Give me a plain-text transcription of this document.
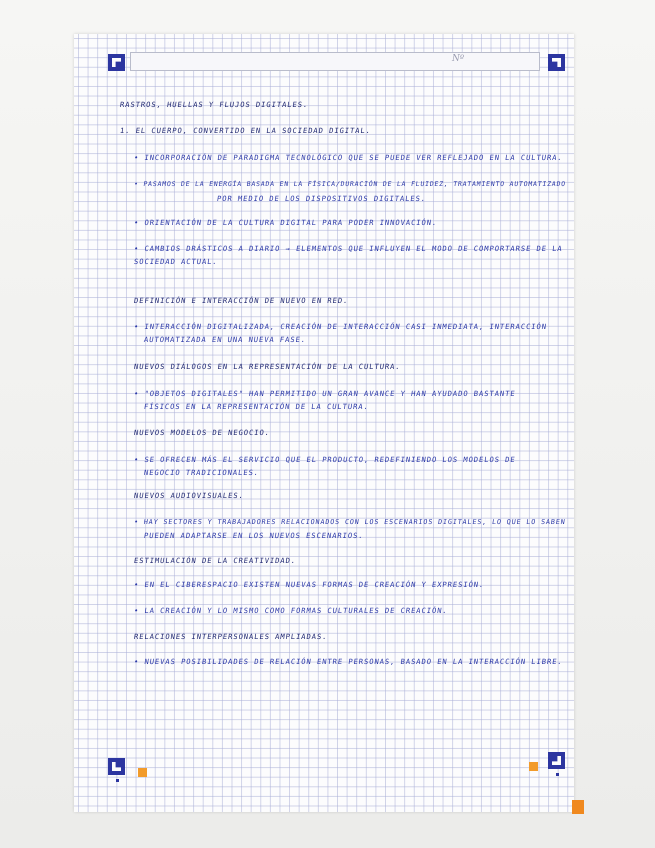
Nº
RASTROS, HUELLAS Y FLUJOS DIGITALES.
1. EL CUERPO, CONVERTIDO EN LA SOCIEDAD DIGITAL.
• INCORPORACIÓN DE PARADIGMA TECNOLÓGICO QUE SE PUEDE VER REFLEJADO EN LA CULTURA.
• PASAMOS DE LA ENERGÍA BASADA EN LA FÍSICA/DURACIÓN DE LA FLUIDEZ, TRATAMIENTO AUTOMATIZADO
POR MEDIO DE LOS DISPOSITIVOS DIGITALES.
• ORIENTACIÓN DE LA CULTURA DIGITAL PARA PODER INNOVACIÓN.
• CAMBIOS DRÁSTICOS A DIARIO → ELEMENTOS QUE INFLUYEN EL MODO DE COMPORTARSE DE LA
SOCIEDAD ACTUAL.
DEFINICIÓN E INTERACCIÓN DE NUEVO EN RED.
• INTERACCIÓN DIGITALIZADA, CREACIÓN DE INTERACCIÓN CASI INMEDIATA, INTERACCIÓN
AUTOMATIZADA EN UNA NUEVA FASE.
NUEVOS DIÁLOGOS EN LA REPRESENTACIÓN DE LA CULTURA.
• "OBJETOS DIGITALES" HAN PERMITIDO UN GRAN AVANCE Y HAN AYUDADO BASTANTE
FÍSICOS EN LA REPRESENTACIÓN DE LA CULTURA.
NUEVOS MODELOS DE NEGOCIO.
• SE OFRECEN MÁS EL SERVICIO QUE EL PRODUCTO, REDEFINIENDO LOS MODELOS DE
NEGOCIO TRADICIONALES.
NUEVOS AUDIOVISUALES.
• HAY SECTORES Y TRABAJADORES RELACIONADOS CON LOS ESCENARIOS DIGITALES, LO QUE LO SABEN
PUEDEN ADAPTARSE EN LOS NUEVOS ESCENARIOS.
ESTIMULACIÓN DE LA CREATIVIDAD.
• EN EL CIBERESPACIO EXISTEN NUEVAS FORMAS DE CREACIÓN Y EXPRESIÓN.
• LA CREACIÓN Y LO MISMO COMO FORMAS CULTURALES DE CREACIÓN.
RELACIONES INTERPERSONALES AMPLIADAS.
• NUEVAS POSIBILIDADES DE RELACIÓN ENTRE PERSONAS, BASADO EN LA INTERACCIÓN LIBRE.
